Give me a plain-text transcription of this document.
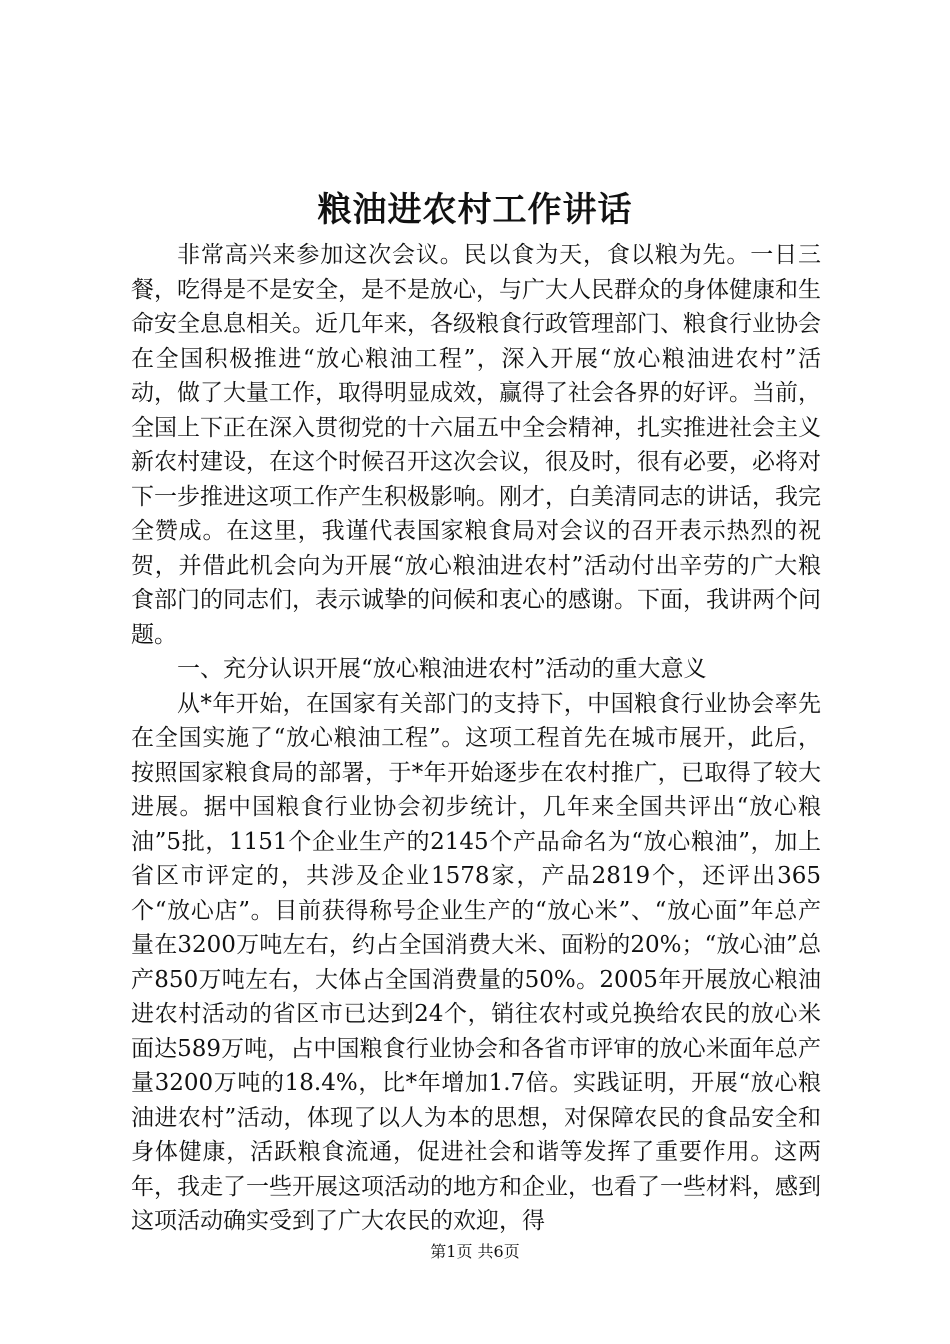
粮油进农村工作讲话

非常高兴来参加这次会议。民以食为天，食以粮为先。一日三餐，吃得是不是安全，是不是放心，与广大人民群众的身体健康和生命安全息息相关。近几年来，各级粮食行政管理部门、粮食行业协会在全国积极推进“放心粮油工程”，深入开展“放心粮油进农村”活动，做了大量工作，取得明显成效，赢得了社会各界的好评。当前，全国上下正在深入贯彻党的十六届五中全会精神，扎实推进社会主义新农村建设，在这个时候召开这次会议，很及时，很有必要，必将对下一步推进这项工作产生积极影响。刚才，白美清同志的讲话，我完全赞成。在这里，我谨代表国家粮食局对会议的召开表示热烈的祝贺，并借此机会向为开展“放心粮油进农村”活动付出辛劳的广大粮食部门的同志们，表示诚挚的问候和衷心的感谢。下面，我讲两个问题。

一、充分认识开展“放心粮油进农村”活动的重大意义

从*年开始，在国家有关部门的支持下，中国粮食行业协会率先在全国实施了“放心粮油工程”。这项工程首先在城市展开，此后，按照国家粮食局的部署，于*年开始逐步在农村推广，已取得了较大进展。据中国粮食行业协会初步统计，几年来全国共评出“放心粮油”5批，1151个企业生产的2145个产品命名为“放心粮油”，加上省区市评定的，共涉及企业1578家，产品2819个，还评出365个“放心店”。目前获得称号企业生产的“放心米”、“放心面”年总产量在3200万吨左右，约占全国消费大米、面粉的20%；“放心油”总产850万吨左右，大体占全国消费量的50%。2005年开展放心粮油进农村活动的省区市已达到24个，销往农村或兑换给农民的放心米面达589万吨，占中国粮食行业协会和各省市评审的放心米面年总产量3200万吨的18.4%，比*年增加1.7倍。实践证明，开展“放心粮油进农村”活动，体现了以人为本的思想，对保障农民的食品安全和身体健康，活跃粮食流通，促进社会和谐等发挥了重要作用。这两年，我走了一些开展这项活动的地方和企业，也看了一些材料，感到这项活动确实受到了广大农民的欢迎，得

第1页 共6页
